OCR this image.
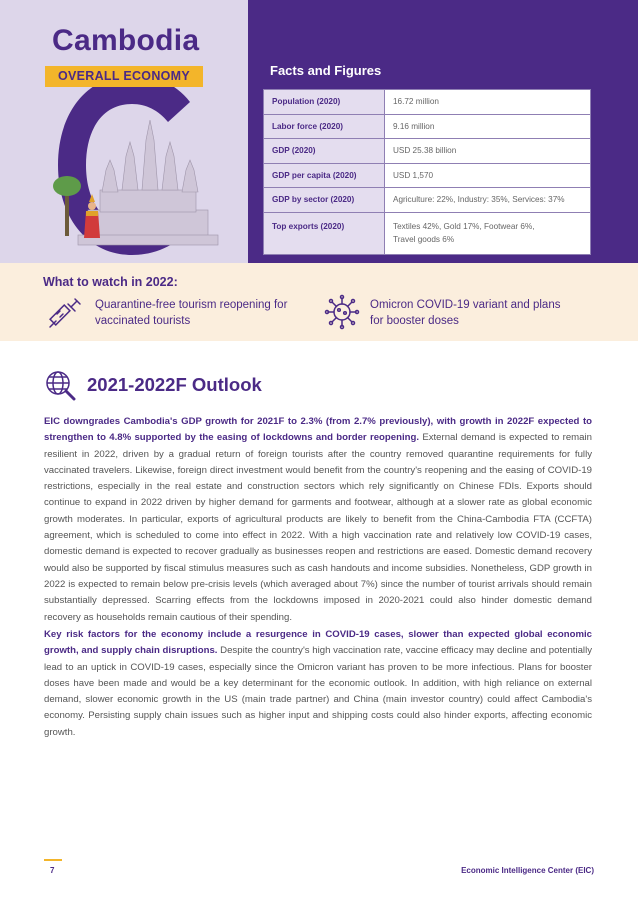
Cambodia
OVERALL ECONOMY	Facts and Figures
Population (2020)	16.72 million
Labor force (2020)	9.16 million
GDP (2020)	USD 25.38 billion
GDP per capita (2020)	USD 1,570
GDP by sector (2020)	Agriculture: 22%, Industry: 35%, Services: 37%
Top exports (2020)	Textiles 42%, Gold 17%, Footwear 6%,
Travel goods 6%
What to watch in 2022:
Quarantine-free tourism reopening for
vaccinated tourists
Omicron COVID-19 variant and plans
for booster doses
2021-2022F Outlook
EIC downgrades Cambodia's GDP growth for 2021F to 2.3% (from 2.7% previously), with growth in 2022F expected to strengthen to 4.8% supported by the easing of lockdowns and border reopening. External demand is expected to remain resilient in 2022, driven by a gradual return of foreign tourists after the country removed quarantine requirements for fully vaccinated travelers. Likewise, foreign direct investment would benefit from the country's reopening and the easing of COVID-19 restrictions, especially in the real estate and construction sectors which rely significantly on Chinese FDIs. Exports should continue to expand in 2022 driven by higher demand for garments and footwear, although at a slower rate as global economic growth moderates. In particular, exports of agricultural products are likely to benefit from the China-Cambodia FTA (CCFTA) agreement, which is scheduled to come into effect in 2022. With a high vaccination rate and relatively low COVID-19 cases, domestic demand is expected to recover gradually as businesses reopen and restrictions are eased. Domestic demand recovery would also be supported by fiscal stimulus measures such as cash handouts and income subsidies. Nonetheless, GDP growth in 2022 is expected to remain below pre-crisis levels (which averaged about 7%) since the number of tourist arrivals should remain substantially depressed. Scarring effects from the lockdowns imposed in 2020-2021 could also hinder domestic demand recovery as households remain cautious of their spending.
Key risk factors for the economy include a resurgence in COVID-19 cases, slower than expected global economic growth, and supply chain disruptions. Despite the country's high vaccination rate, vaccine efficacy may decline and potentially lead to an uptick in COVID-19 cases, especially since the Omicron variant has proven to be more infectious. Plans for booster doses have been made and would be a key determinant for the economic outlook. In addition, with high reliance on external demand, slower economic growth in the US (main trade partner) and China (main investor country) could affect Cambodia's economy. Persisting supply chain issues such as higher input and shipping costs could also hinder exports, affecting economic growth.
7	Economic Intelligence Center (EIC)
